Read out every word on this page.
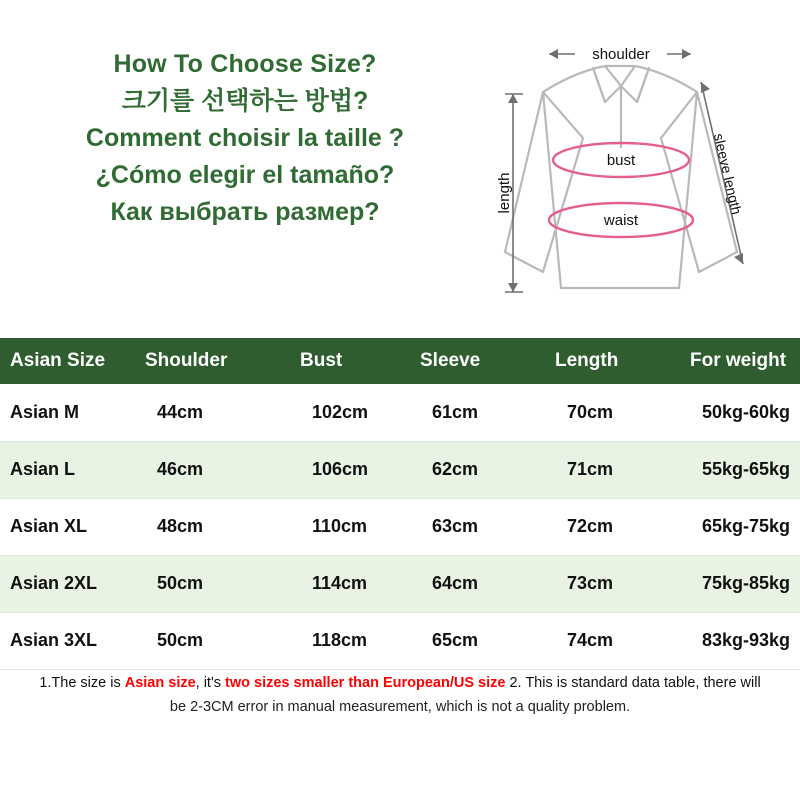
How To Choose Size?
크기를 선택하는 방법?
Comment choisir la taille ?
¿Cómo elegir el tamaño?
Как выбрать размер?
shoulder
length	sleeve length
bust
waist
Asian Size	Shoulder	Bust	Sleeve	Length	For weight
Asian M	44cm	102cm	61cm	70cm	50kg-60kg
Asian L	46cm	106cm	62cm	71cm	55kg-65kg
Asian XL	48cm	110cm	63cm	72cm	65kg-75kg
Asian 2XL	50cm	114cm	64cm	73cm	75kg-85kg
Asian 3XL	50cm	118cm	65cm	74cm	83kg-93kg
1.The size is Asian size, it's two sizes smaller than European/US size 2. This is standard data table, there will
be 2-3CM error in manual measurement, which is not a quality problem.
